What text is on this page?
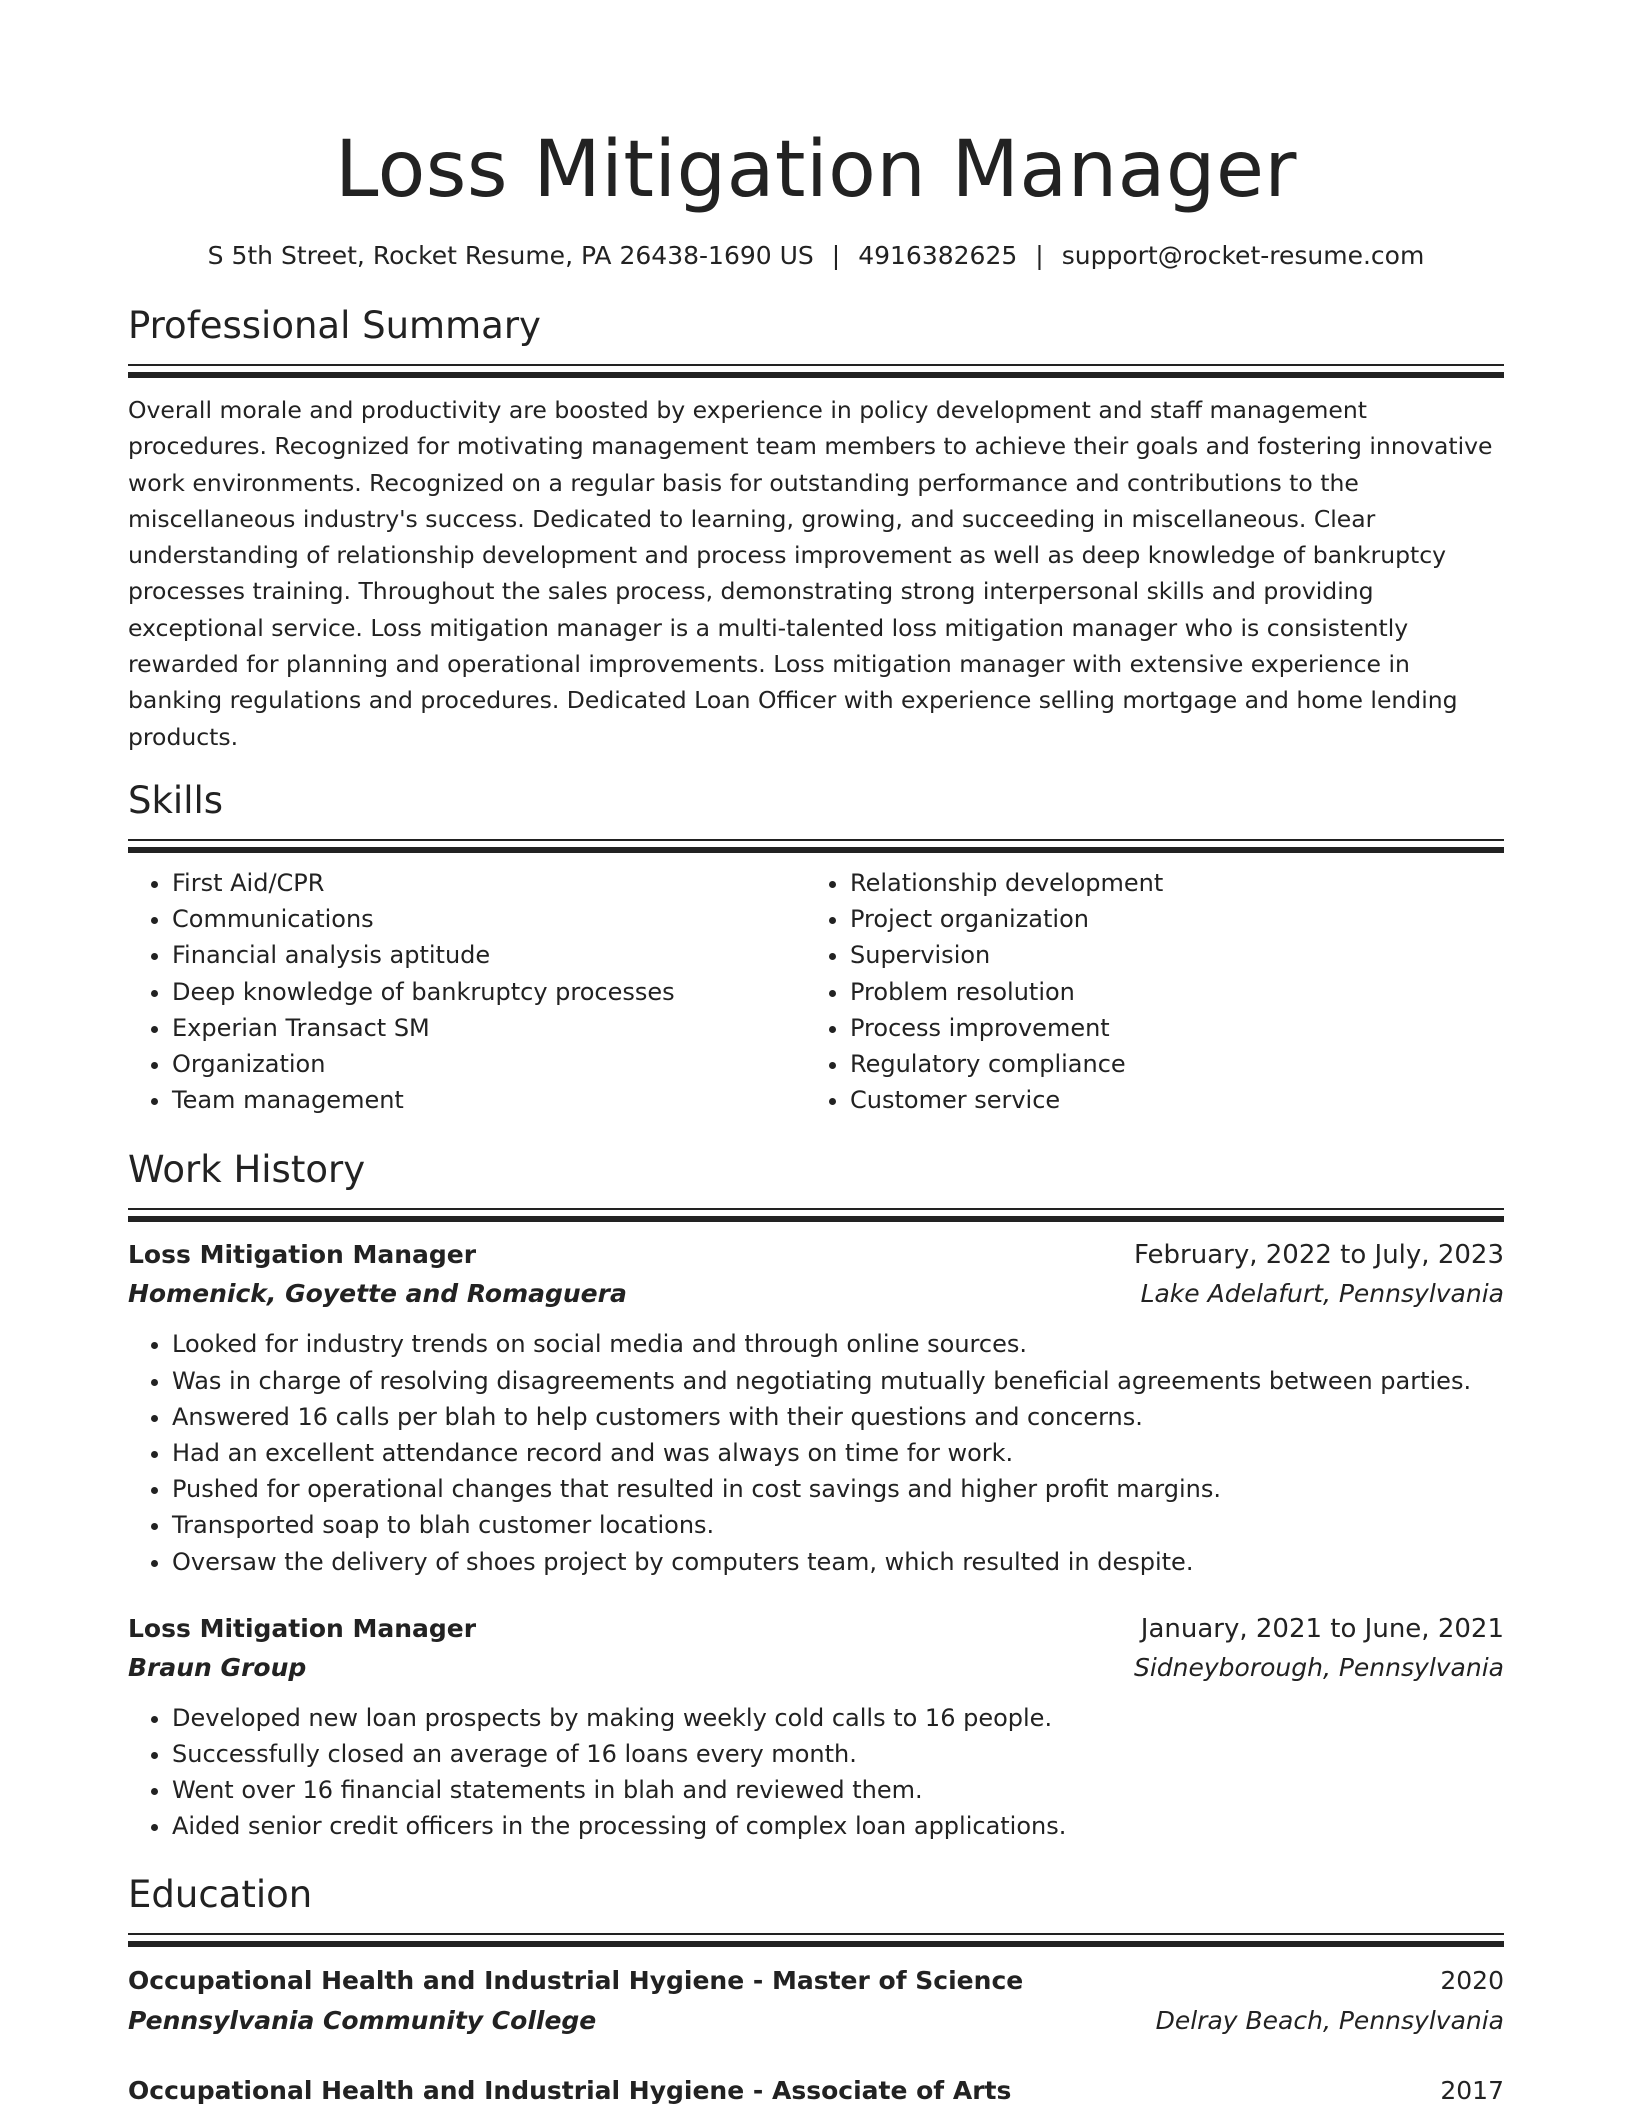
Loss Mitigation Manager
S 5th Street, Rocket Resume, PA 26438-1690 US | 4916382625 | support@rocket-resume.com
Professional Summary
Overall morale and productivity are boosted by experience in policy development and staff management procedures. Recognized for motivating management team members to achieve their goals and fostering innovative work environments. Recognized on a regular basis for outstanding performance and contributions to the miscellaneous industry's success. Dedicated to learning, growing, and succeeding in miscellaneous. Clear understanding of relationship development and process improvement as well as deep knowledge of bankruptcy processes training. Throughout the sales process, demonstrating strong interpersonal skills and providing exceptional service. Loss mitigation manager is a multi-talented loss mitigation manager who is consistently rewarded for planning and operational improvements. Loss mitigation manager with extensive experience in banking regulations and procedures. Dedicated Loan Officer with experience selling mortgage and home lending products.
Skills
• First Aid/CPR
• Communications
• Financial analysis aptitude
• Deep knowledge of bankruptcy processes
• Experian Transact SM
• Organization
• Team management
• Relationship development
• Project organization
• Supervision
• Problem resolution
• Process improvement
• Regulatory compliance
• Customer service
Work History
Loss Mitigation Manager	February, 2022 to July, 2023
Homenick, Goyette and Romaguera	Lake Adelafurt, Pennsylvania
• Looked for industry trends on social media and through online sources.
• Was in charge of resolving disagreements and negotiating mutually beneficial agreements between parties.
• Answered 16 calls per blah to help customers with their questions and concerns.
• Had an excellent attendance record and was always on time for work.
• Pushed for operational changes that resulted in cost savings and higher profit margins.
• Transported soap to blah customer locations.
• Oversaw the delivery of shoes project by computers team, which resulted in despite.
Loss Mitigation Manager	January, 2021 to June, 2021
Braun Group	Sidneyborough, Pennsylvania
• Developed new loan prospects by making weekly cold calls to 16 people.
• Successfully closed an average of 16 loans every month.
• Went over 16 financial statements in blah and reviewed them.
• Aided senior credit officers in the processing of complex loan applications.
Education
Occupational Health and Industrial Hygiene - Master of Science	2020
Pennsylvania Community College	Delray Beach, Pennsylvania
Occupational Health and Industrial Hygiene - Associate of Arts	2017
